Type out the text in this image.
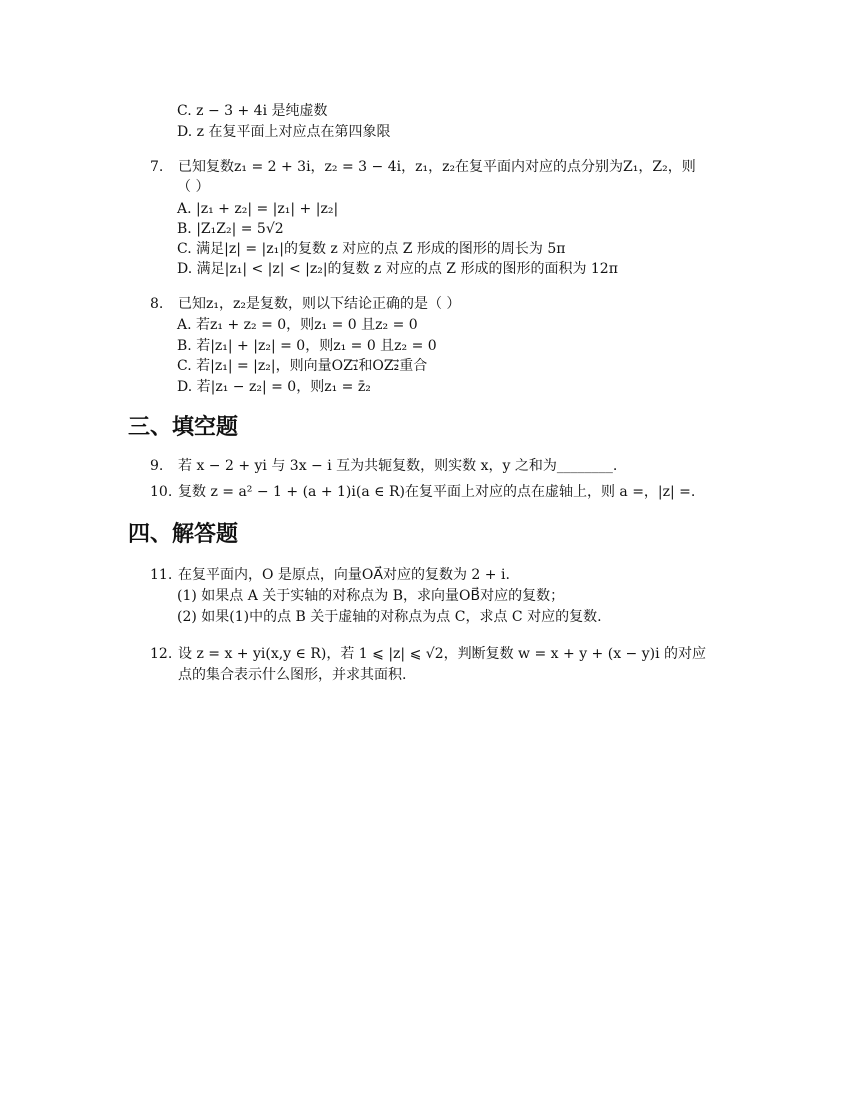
C. z − 3 + 4i 是纯虚数
D. z 在复平面上对应点在第四象限
7. 已知复数z₁ = 2 + 3i，z₂ = 3 − 4i，z₁，z₂在复平面内对应的点分别为Z₁，Z₂，则
（ ）
A. |z₁ + z₂| = |z₁| + |z₂|
B. |Z₁Z₂| = 5√2
C. 满足|z| = |z₁|的复数 z 对应的点 Z 形成的图形的周长为 5π
D. 满足|z₁| < |z| < |z₂|的复数 z 对应的点 Z 形成的图形的面积为 12π
8. 已知z₁，z₂是复数，则以下结论正确的是（ ）
A. 若z₁ + z₂ = 0，则z₁ = 0 且z₂ = 0
B. 若|z₁| + |z₂| = 0，则z₁ = 0 且z₂ = 0
C. 若|z₁| = |z₂|，则向量OZ₁⃗和OZ₂⃗重合
D. 若|z₁ − z₂| = 0，则z₁ = z̄₂
三、填空题
9. 若 x − 2 + yi 与 3x − i 互为共轭复数，则实数 x，y 之和为________.
10. 复数 z = a² − 1 + (a + 1)i(a ∈ R)在复平面上对应的点在虚轴上，则 a =，|z| =.
四、解答题
11. 在复平面内，O 是原点，向量OA⃗对应的复数为 2 + i.
(1) 如果点 A 关于实轴的对称点为 B，求向量OB⃗对应的复数；
(2) 如果(1)中的点 B 关于虚轴的对称点为点 C，求点 C 对应的复数.
12. 设 z = x + yi(x,y ∈ R)，若 1 ⩽ |z| ⩽ √2，判断复数 w = x + y + (x − y)i 的对应
点的集合表示什么图形，并求其面积.
